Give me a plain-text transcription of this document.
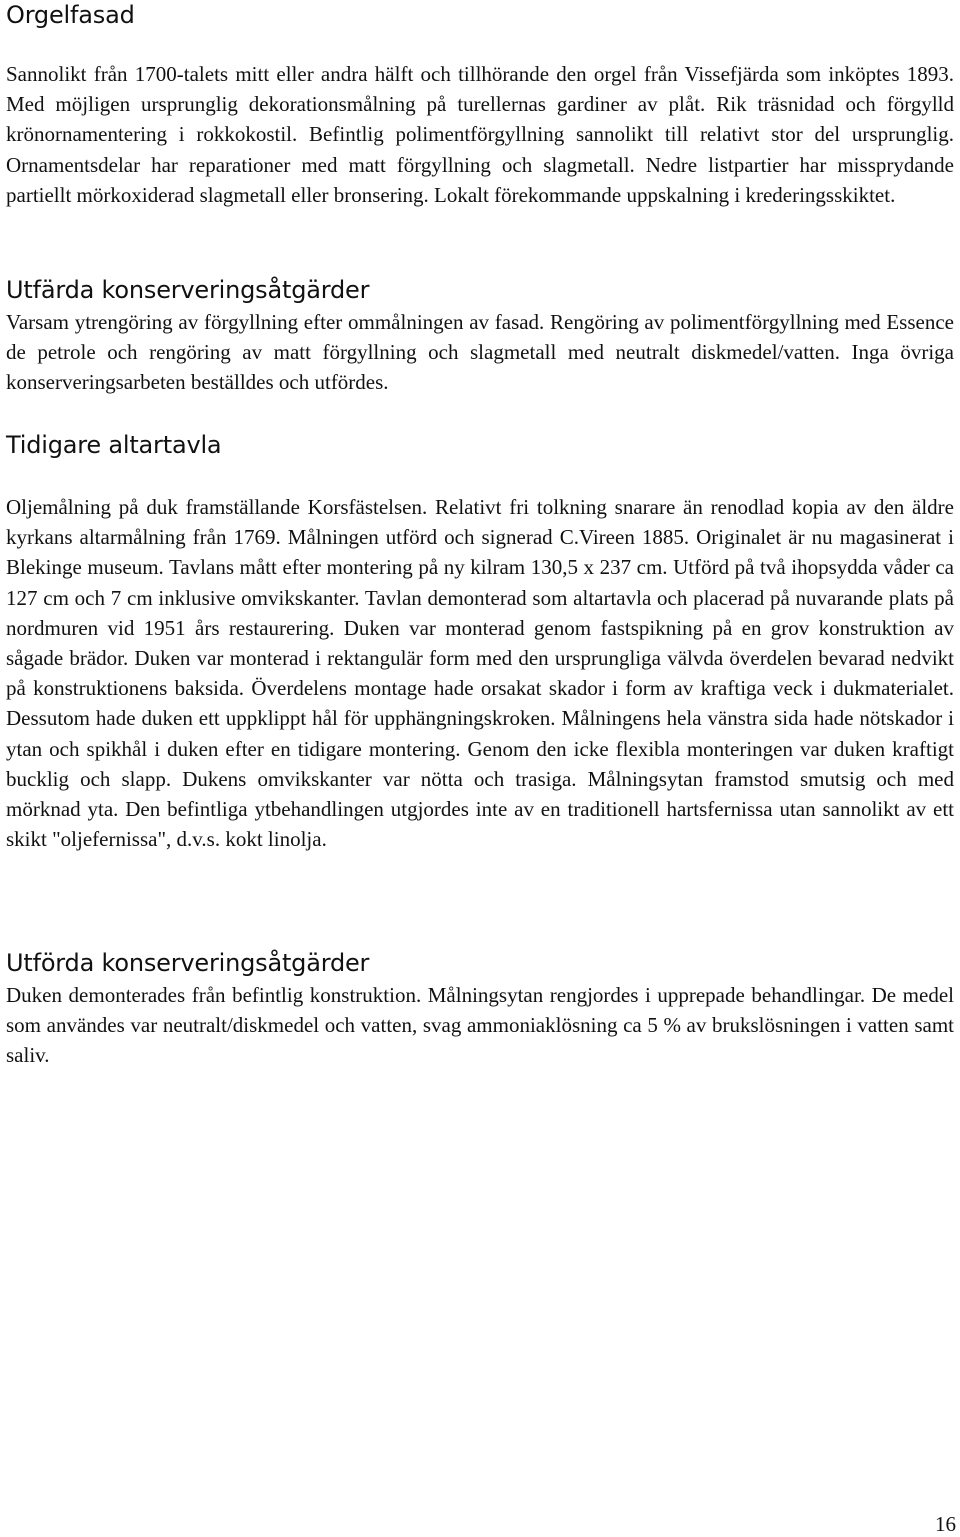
Orgelfasad

Sannolikt från 1700-talets mitt eller andra hälft och tillhörande den orgel från Vissefjärda som inköptes 1893. Med möjligen ursprunglig dekorationsmålning på turellernas gardiner av plåt. Rik träsnidad och förgylld krönornamentering i rokkokostil. Befintlig polimentförgyllning sannolikt till relativt stor del ursprunglig. Ornamentsdelar har reparationer med matt förgyllning och slagmetall. Nedre listpartier har missprydande partiellt mörkoxiderad slagmetall eller bronsering. Lokalt förekommande uppskalning i krederingsskiktet.

Utfärda konserveringsåtgärder

Varsam ytrengöring av förgyllning efter ommålningen av fasad. Rengöring av polimentförgyllning med Essence de petrole och rengöring av matt förgyllning och slagmetall med neutralt diskmedel/vatten. Inga övriga konserveringsarbeten beställdes och utfördes.

Tidigare altartavla

Oljemålning på duk framställande Korsfästelsen. Relativt fri tolkning snarare än renodlad kopia av den äldre kyrkans altarmålning från 1769. Målningen utförd och signerad C.Vireen 1885. Originalet är nu magasinerat i Blekinge museum. Tavlans mått efter montering på ny kilram 130,5 x 237 cm. Utförd på två ihopsydda våder ca 127 cm och 7 cm inklusive omvikskanter. Tavlan demonterad som altartavla och placerad på nuvarande plats på nordmuren vid 1951 års restaurering. Duken var monterad genom fastspikning på en grov konstruktion av sågade brädor. Duken var monterad i rektangulär form med den ursprungliga välvda överdelen bevarad nedvikt på konstruktionens baksida. Överdelens montage hade orsakat skador i form av kraftiga veck i dukmaterialet. Dessutom hade duken ett uppklippt hål för upphängningskroken. Målningens hela vänstra sida hade nötskador i ytan och spikhål i duken efter en tidigare montering. Genom den icke flexibla monteringen var duken kraftigt bucklig och slapp. Dukens omvikskanter var nötta och trasiga. Målningsytan framstod smutsig och med mörknad yta. Den befintliga ytbehandlingen utgjordes inte av en traditionell hartsfernissa utan sannolikt av ett skikt "oljefernissa", d.v.s. kokt linolja.

Utförda konserveringsåtgärder

Duken demonterades från befintlig konstruktion. Målningsytan rengjordes i upprepade behandlingar. De medel som användes var neutralt/diskmedel och vatten, svag ammoniaklösning ca 5 % av brukslösningen i vatten samt saliv.

16
